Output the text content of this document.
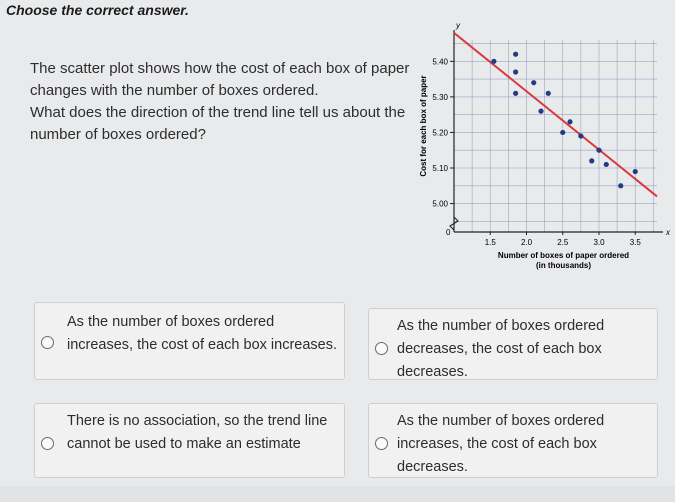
Choose the correct answer.

The scatter plot shows how the cost of each box of paper changes with the number of boxes ordered.

What does the direction of the trend line tell us about the number of boxes ordered?

y
x
0
5.00
5.10
5.20
5.30
5.40
1.5	2.0	2.5	3.0	3.5
Number of boxes of paper ordered
(in thousands)
Cost for each box of paper
As the number of boxes ordered increases, the cost of each box increases.
As the number of boxes ordered decreases, the cost of each box decreases.
There is no association, so the trend line cannot be used to make an estimate
As the number of boxes ordered increases, the cost of each box decreases.
